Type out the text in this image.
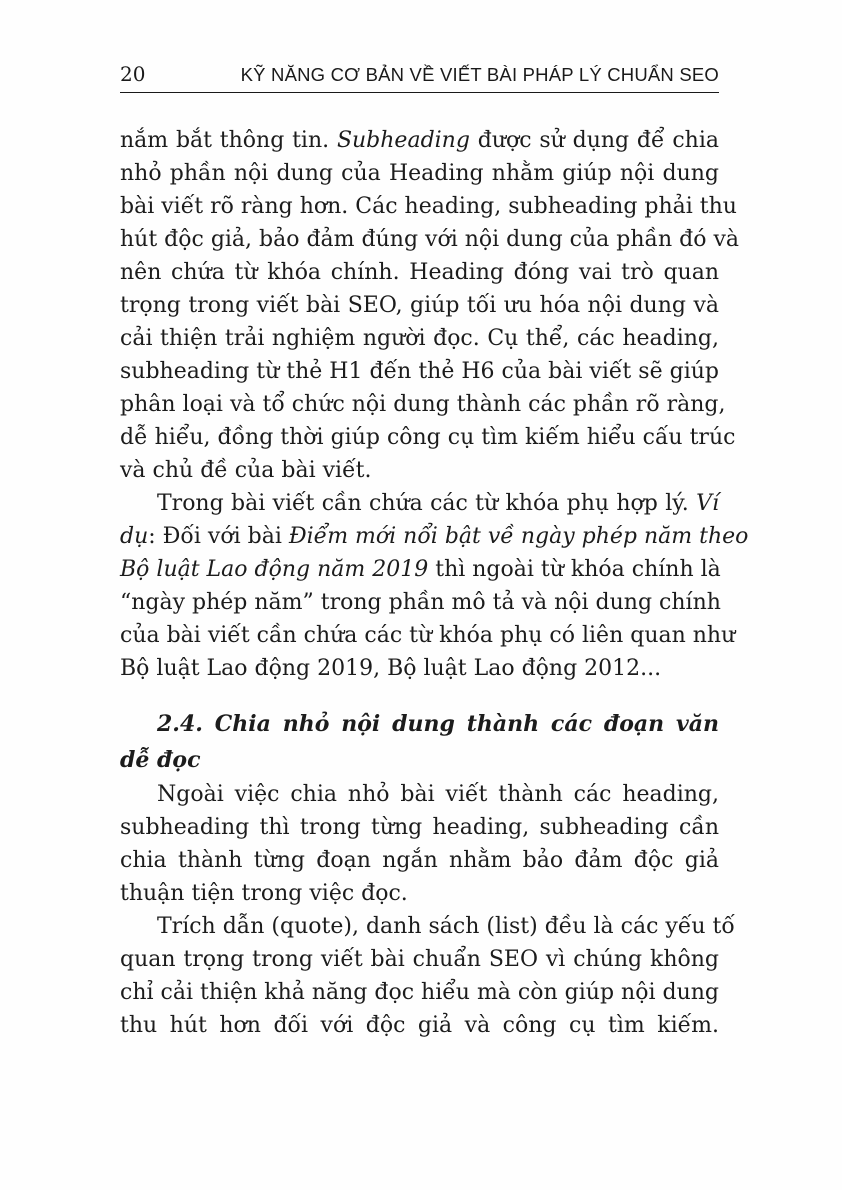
20	KỸ NĂNG CƠ BẢN VỀ VIẾT BÀI PHÁP LÝ CHUẨN SEO
nắm bắt thông tin. Subheading được sử dụng để chia
nhỏ phần nội dung của Heading nhằm giúp nội dung
bài viết rõ ràng hơn. Các heading, subheading phải thu
hút độc giả, bảo đảm đúng với nội dung của phần đó và
nên chứa từ khóa chính. Heading đóng vai trò quan
trọng trong viết bài SEO, giúp tối ưu hóa nội dung và
cải thiện trải nghiệm người đọc. Cụ thể, các heading,
subheading từ thẻ H1 đến thẻ H6 của bài viết sẽ giúp
phân loại và tổ chức nội dung thành các phần rõ ràng,
dễ hiểu, đồng thời giúp công cụ tìm kiếm hiểu cấu trúc
và chủ đề của bài viết.
Trong bài viết cần chứa các từ khóa phụ hợp lý. Ví
dụ: Đối với bài Điểm mới nổi bật về ngày phép năm theo
Bộ luật Lao động năm 2019 thì ngoài từ khóa chính là
“ngày phép năm” trong phần mô tả và nội dung chính
của bài viết cần chứa các từ khóa phụ có liên quan như
Bộ luật Lao động 2019, Bộ luật Lao động 2012...
2.4. Chia nhỏ nội dung thành các đoạn văn
dễ đọc
Ngoài việc chia nhỏ bài viết thành các heading,
subheading thì trong từng heading, subheading cần
chia thành từng đoạn ngắn nhằm bảo đảm độc giả
thuận tiện trong việc đọc.
Trích dẫn (quote), danh sách (list) đều là các yếu tố
quan trọng trong viết bài chuẩn SEO vì chúng không
chỉ cải thiện khả năng đọc hiểu mà còn giúp nội dung
thu hút hơn đối với độc giả và công cụ tìm kiếm.
